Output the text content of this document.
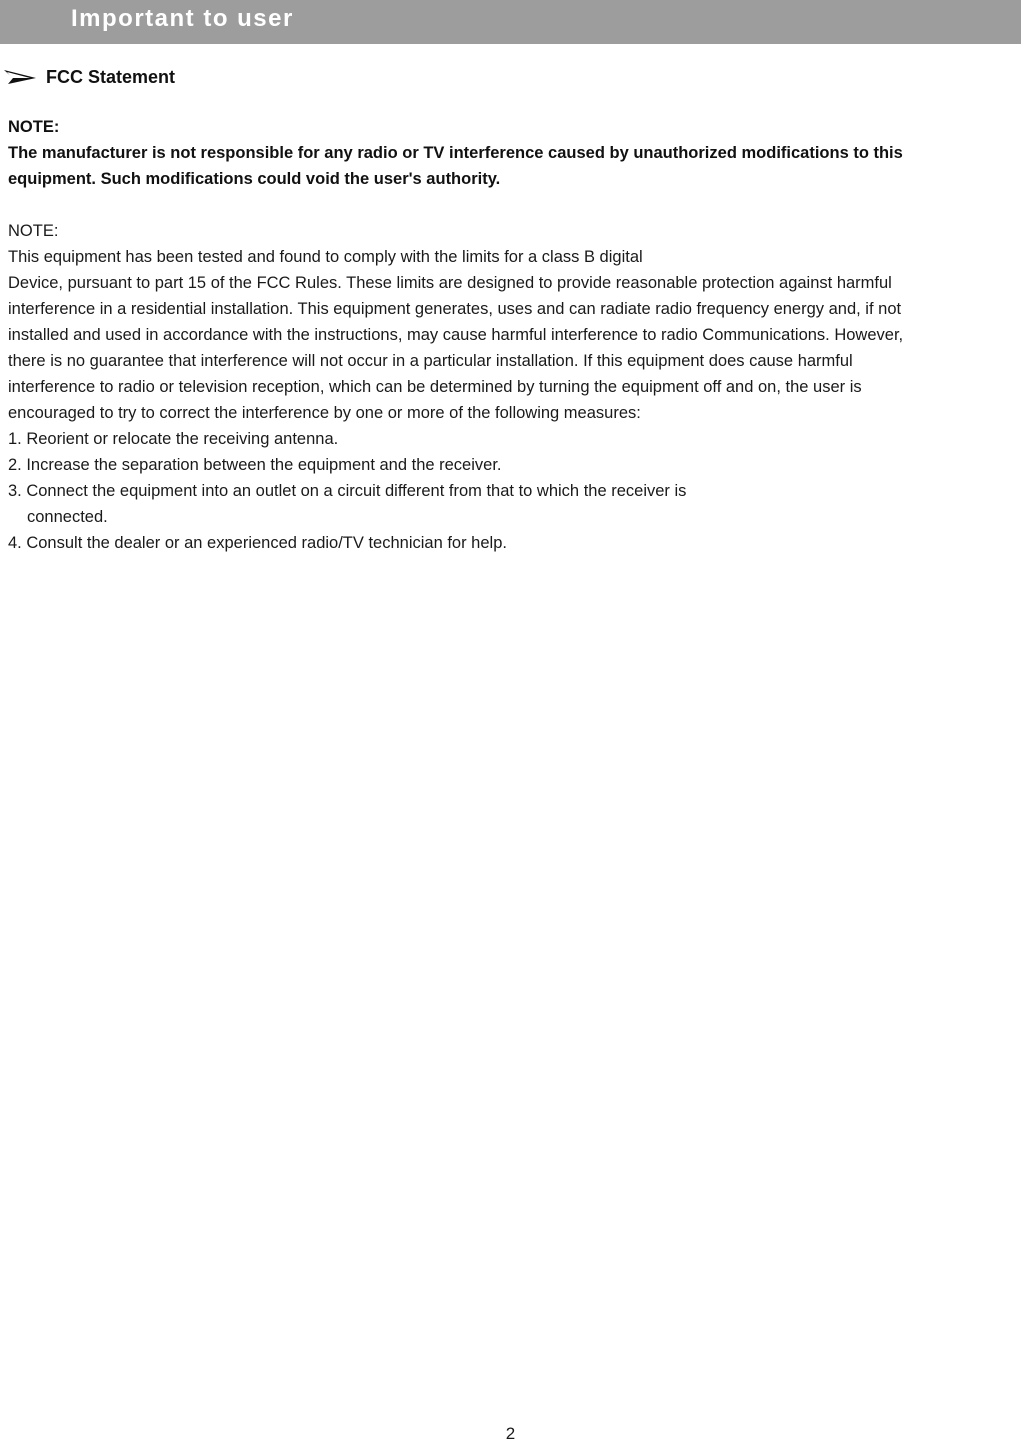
Important to user
FCC Statement

NOTE:

The manufacturer is not responsible for any radio or TV interference caused by unauthorized modifications to this

equipment. Such modifications could void the user's authority.

NOTE:

This equipment has been tested and found to comply with the limits for a class B digital

Device, pursuant to part 15 of the FCC Rules. These limits are designed to provide reasonable protection against harmful

interference in a residential installation. This equipment generates, uses and can radiate radio frequency energy and, if not

installed and used in accordance with the instructions, may cause harmful interference to radio Communications. However,

there is no guarantee that interference will not occur in a particular installation. If this equipment does cause harmful

interference to radio or television reception, which can be determined by turning the equipment off and on, the user is

encouraged to try to correct the interference by one or more of the following measures:

1. Reorient or relocate the receiving antenna.

2. Increase the separation between the equipment and the receiver.

3. Connect the equipment into an outlet on a circuit different from that to which the receiver is

connected.

4. Consult the dealer or an experienced radio/TV technician for help.

2
